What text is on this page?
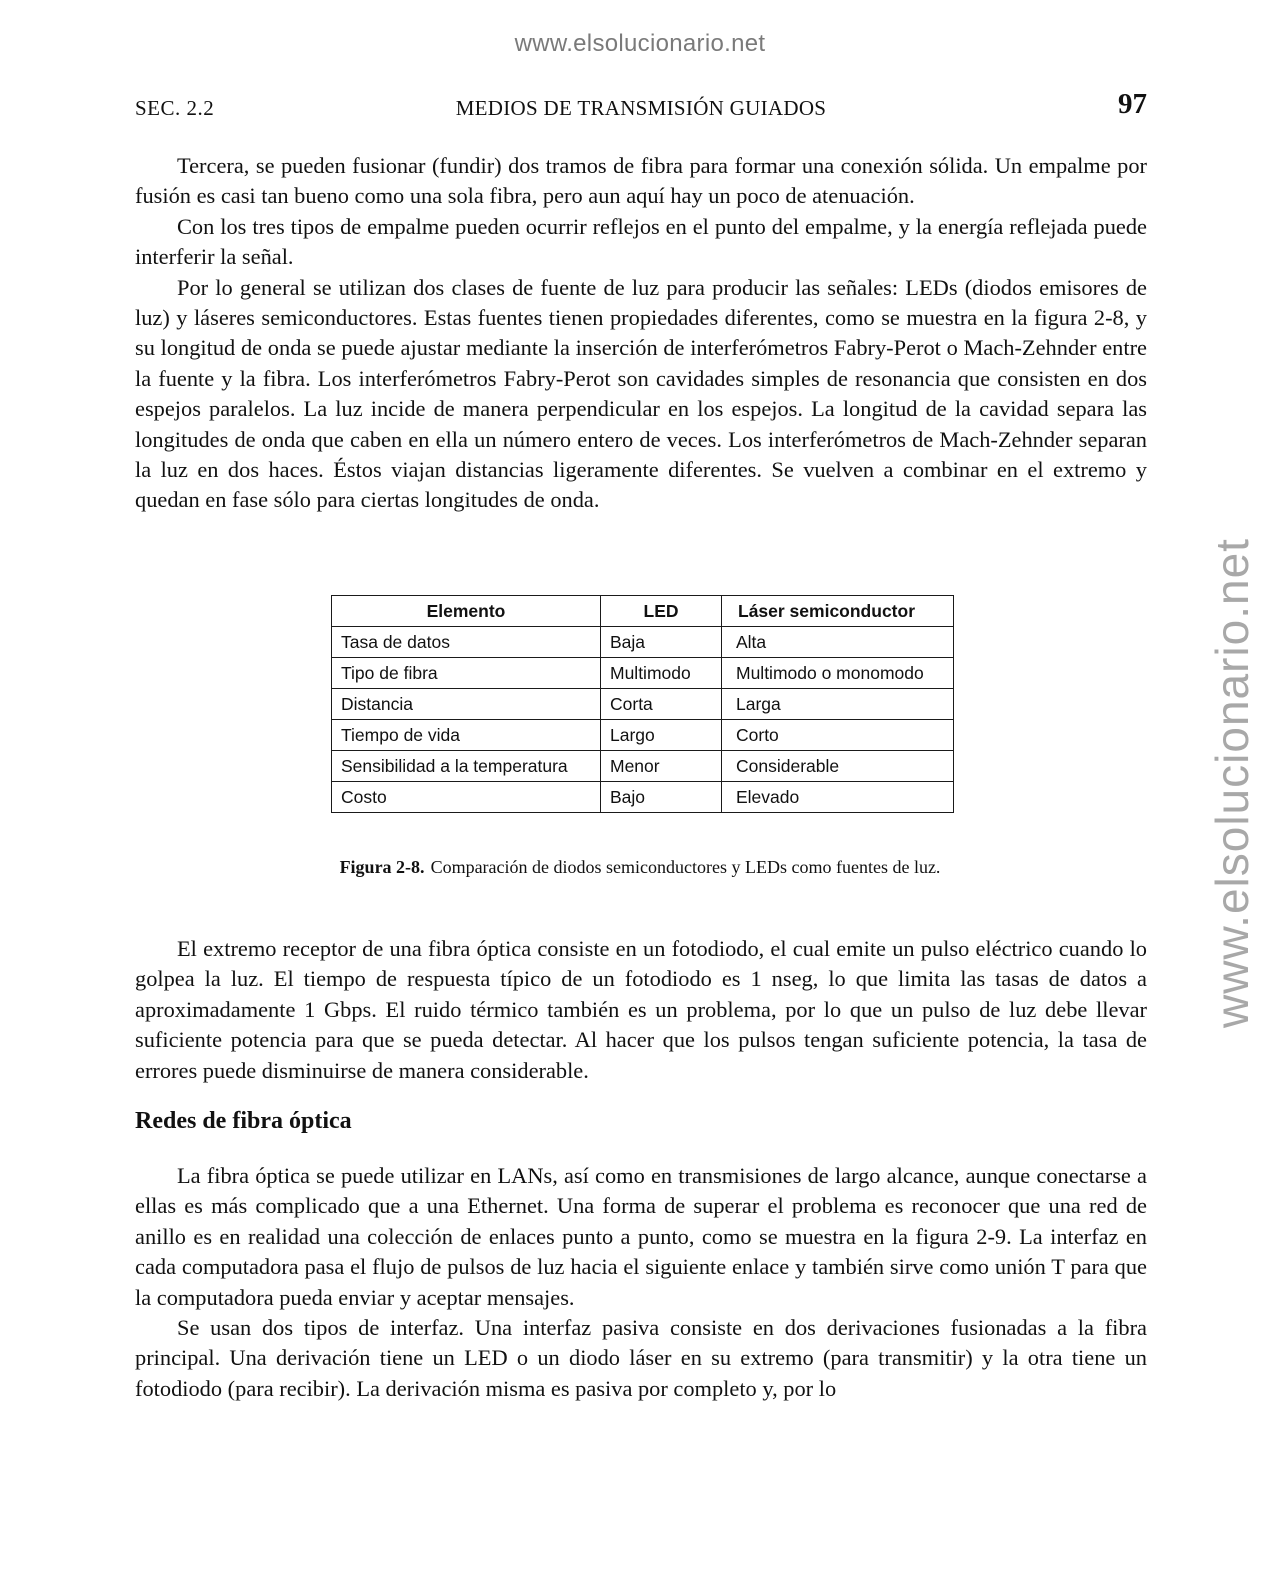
www.elsolucionario.net
www.elsolucionario.net
SEC. 2.2	MEDIOS DE TRANSMISIÓN GUIADOS	97

Tercera, se pueden fusionar (fundir) dos tramos de fibra para formar una conexión sólida. Un empalme por fusión es casi tan bueno como una sola fibra, pero aun aquí hay un poco de atenuación.

Con los tres tipos de empalme pueden ocurrir reflejos en el punto del empalme, y la energía reflejada puede interferir la señal.

Por lo general se utilizan dos clases de fuente de luz para producir las señales: LEDs (diodos emisores de luz) y láseres semiconductores. Estas fuentes tienen propiedades diferentes, como se muestra en la figura 2-8, y su longitud de onda se puede ajustar mediante la inserción de interferómetros Fabry-Perot o Mach-Zehnder entre la fuente y la fibra. Los interferómetros Fabry-Perot son cavidades simples de resonancia que consisten en dos espejos paralelos. La luz incide de manera perpendicular en los espejos. La longitud de la cavidad separa las longitudes de onda que caben en ella un número entero de veces. Los interferómetros de Mach-Zehnder separan la luz en dos haces. Éstos viajan distancias ligeramente diferentes. Se vuelven a combinar en el extremo y quedan en fase sólo para ciertas longitudes de onda.

Elemento	LED	Láser semiconductor
Tasa de datos	Baja	Alta
Tipo de fibra	Multimodo	Multimodo o monomodo
Distancia	Corta	Larga
Tiempo de vida	Largo	Corto
Sensibilidad a la temperatura	Menor	Considerable
Costo	Bajo	Elevado
Figura 2-8. Comparación de diodos semiconductores y LEDs como fuentes de luz.

El extremo receptor de una fibra óptica consiste en un fotodiodo, el cual emite un pulso eléctrico cuando lo golpea la luz. El tiempo de respuesta típico de un fotodiodo es 1 nseg, lo que limita las tasas de datos a aproximadamente 1 Gbps. El ruido térmico también es un problema, por lo que un pulso de luz debe llevar suficiente potencia para que se pueda detectar. Al hacer que los pulsos tengan suficiente potencia, la tasa de errores puede disminuirse de manera considerable.

Redes de fibra óptica

La fibra óptica se puede utilizar en LANs, así como en transmisiones de largo alcance, aunque conectarse a ellas es más complicado que a una Ethernet. Una forma de superar el problema es reconocer que una red de anillo es en realidad una colección de enlaces punto a punto, como se muestra en la figura 2-9. La interfaz en cada computadora pasa el flujo de pulsos de luz hacia el siguiente enlace y también sirve como unión T para que la computadora pueda enviar y aceptar mensajes.

Se usan dos tipos de interfaz. Una interfaz pasiva consiste en dos derivaciones fusionadas a la fibra principal. Una derivación tiene un LED o un diodo láser en su extremo (para transmitir) y la otra tiene un fotodiodo (para recibir). La derivación misma es pasiva por completo y, por lo
